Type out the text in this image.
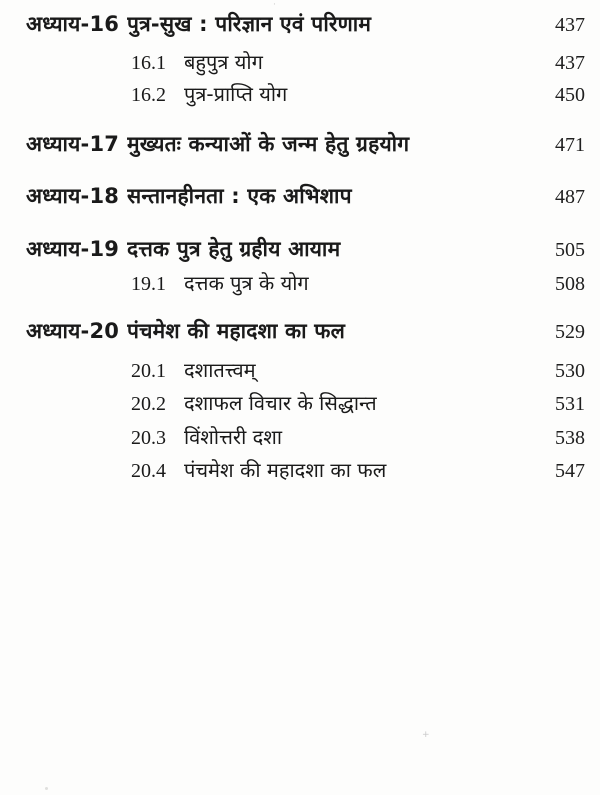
अध्याय-16 पुत्र-सुख : परिज्ञान एवं परिणाम	437
16.1 बहुपुत्र योग	437
16.2 पुत्र-प्राप्ति योग	450
अध्याय-17 मुख्यतः कन्याओं के जन्म हेतु ग्रहयोग	471
अध्याय-18 सन्तानहीनता : एक अभिशाप	487
अध्याय-19 दत्तक पुत्र हेतु ग्रहीय आयाम	505
19.1 दत्तक पुत्र के योग	508
अध्याय-20 पंचमेश की महादशा का फल	529
20.1 दशातत्त्वम्	530
20.2 दशाफल विचार के सिद्धान्त	531
20.3 विंशोत्तरी दशा	538
20.4 पंचमेश की महादशा का फल	547
+
·
